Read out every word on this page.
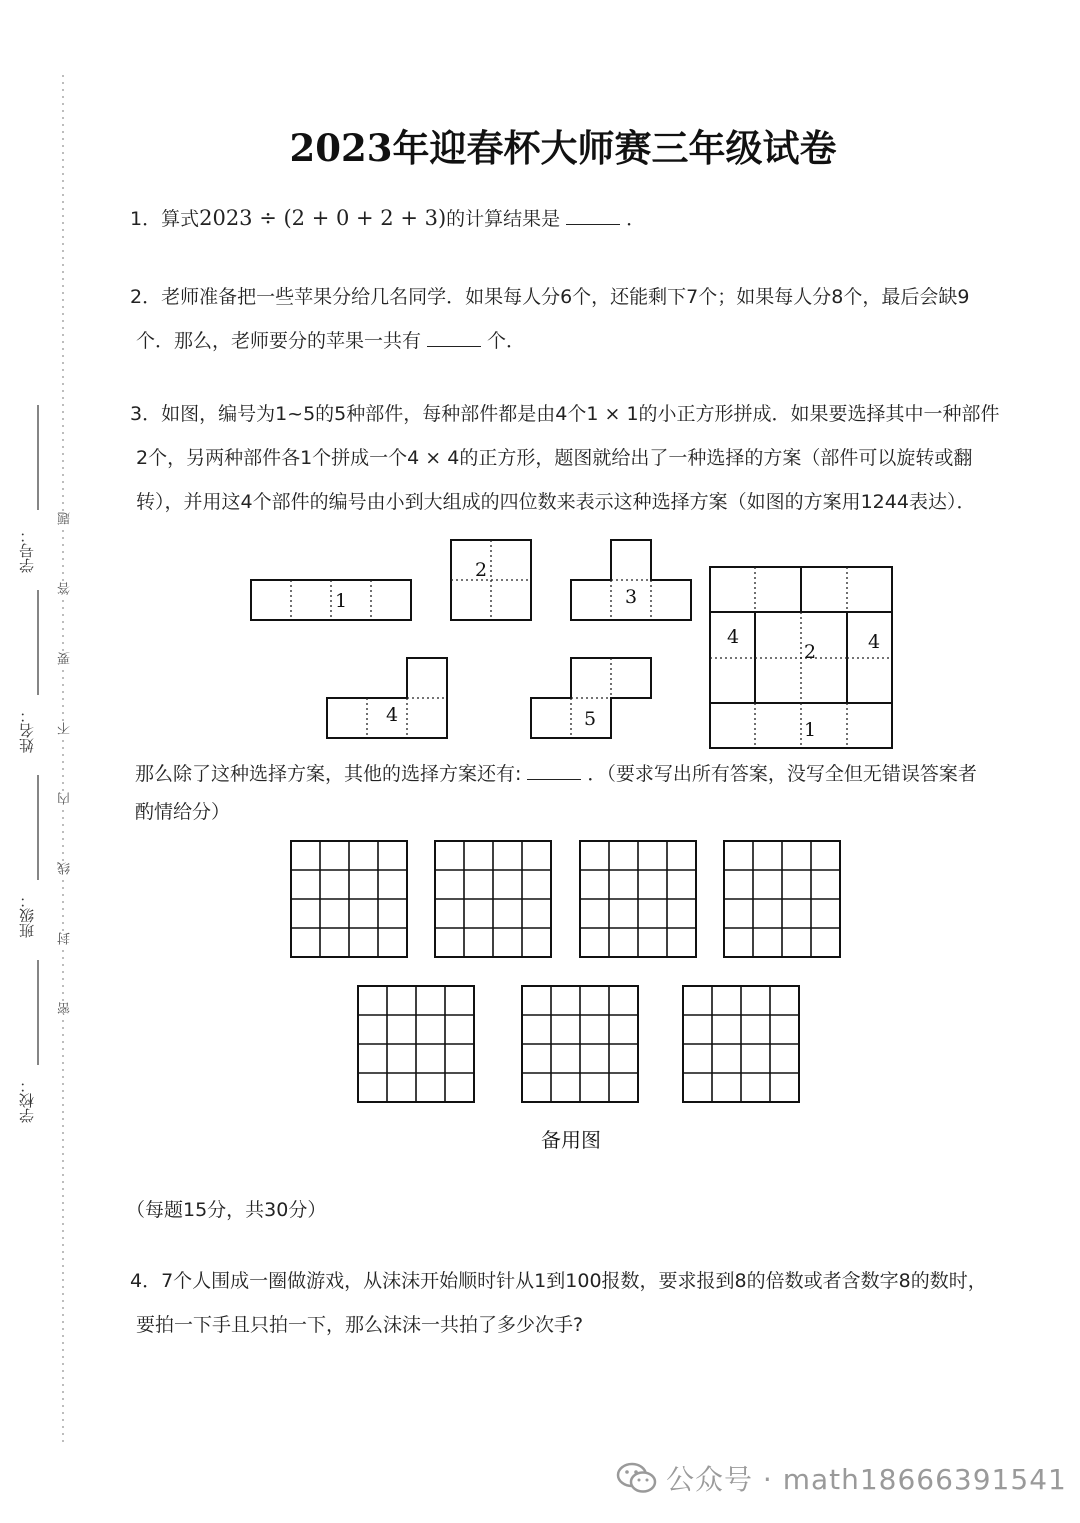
学号：
姓名：
班级：
学校：
题
答
要
不
内
线
封
密
2023年迎春杯大师赛三年级试卷
1．算式2023 ÷ (2 + 0 + 2 + 3)的计算结果是	．
2．老师准备把一些苹果分给几名同学．如果每人分6个，还能剩下7个；如果每人分8个，最后会缺9
个．那么，老师要分的苹果一共有	个．
3．如图，编号为1~5的5种部件，每种部件都是由4个1 × 1的小正方形拼成．如果要选择其中一种部件
2个，另两种部件各1个拼成一个4 × 4的正方形，题图就给出了一种选择的方案（部件可以旋转或翻
转），并用这4个部件的编号由小到大组成的四位数来表示这种选择方案（如图的方案用1244表达）．
1
2
3
4	5
4
2	4
1
那么除了这种选择方案，其他的选择方案还有:	．（要求写出所有答案，没写全但无错误答案者
酌情给分）
备用图
（每题15分，共30分）
4．7个人围成一圈做游戏，从沫沫开始顺时针从1到100报数，要求报到8的倍数或者含数字8的数时，
要拍一下手且只拍一下，那么沫沫一共拍了多少次手?
公众号 · math18666391541
